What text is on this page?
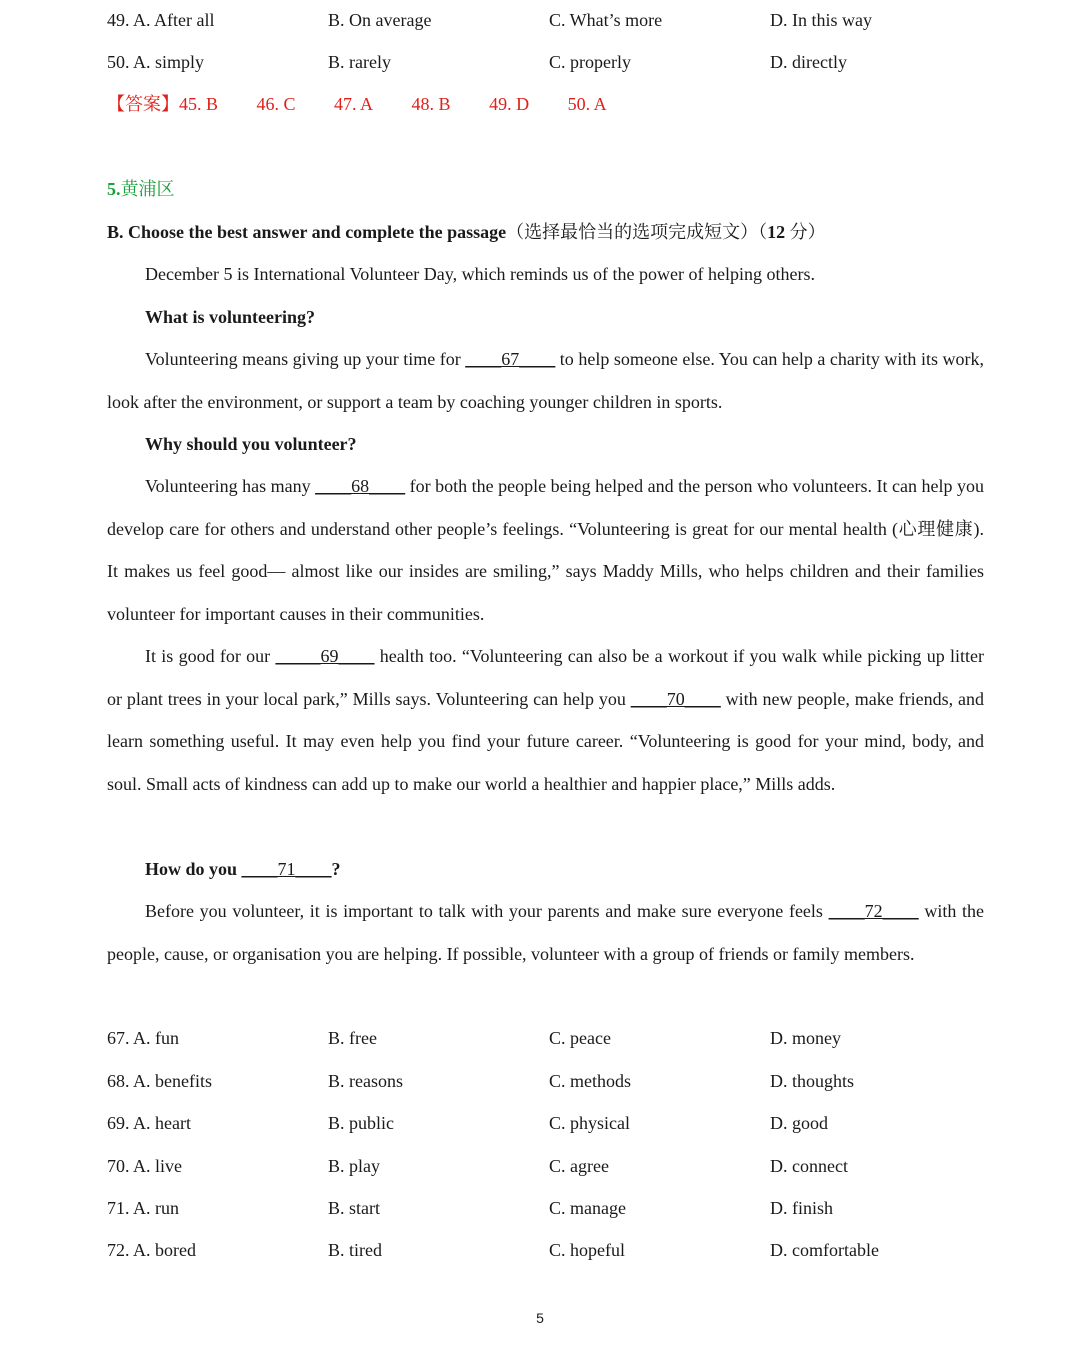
49. A. After all	B. On average	C. What’s more	D. In this way
50. A. simply	B. rarely	C. properly	D. directly
【答案】45. B 46. C 47. A 48. B 49. D 50. A
5.黄浦区
B. Choose the best answer and complete the passage（选择最恰当的选项完成短文）（12 分）
December 5 is International Volunteer Day, which reminds us of the power of helping others.
What is volunteering?
Volunteering means giving up your time for ____67____ to help someone else. You can help a charity with its work, look after the environment, or support a team by coaching younger children in sports.
Why should you volunteer?
Volunteering has many ____68____ for both the people being helped and the person who volunteers. It can help you develop care for others and understand other people’s feelings. “Volunteering is great for our mental health (心理健康). It makes us feel good— almost like our insides are smiling,” says Maddy Mills, who helps children and their families volunteer for important causes in their communities.
It is good for our _____69____ health too. “Volunteering can also be a workout if you walk while picking up litter or plant trees in your local park,” Mills says. Volunteering can help you ____70____ with new people, make friends, and learn something useful. It may even help you find your future career. “Volunteering is good for your mind, body, and soul. Small acts of kindness can add up to make our world a healthier and happier place,” Mills adds.
How do you ____71____?
Before you volunteer, it is important to talk with your parents and make sure everyone feels ____72____ with the people, cause, or organisation you are helping. If possible, volunteer with a group of friends or family members.
67. A. fun	B. free	C. peace	D. money
68. A. benefits	B. reasons	C. methods	D. thoughts
69. A. heart	B. public	C. physical	D. good
70. A. live	B. play	C. agree	D. connect
71. A. run	B. start	C. manage	D. finish
72. A. bored	B. tired	C. hopeful	D. comfortable
5
